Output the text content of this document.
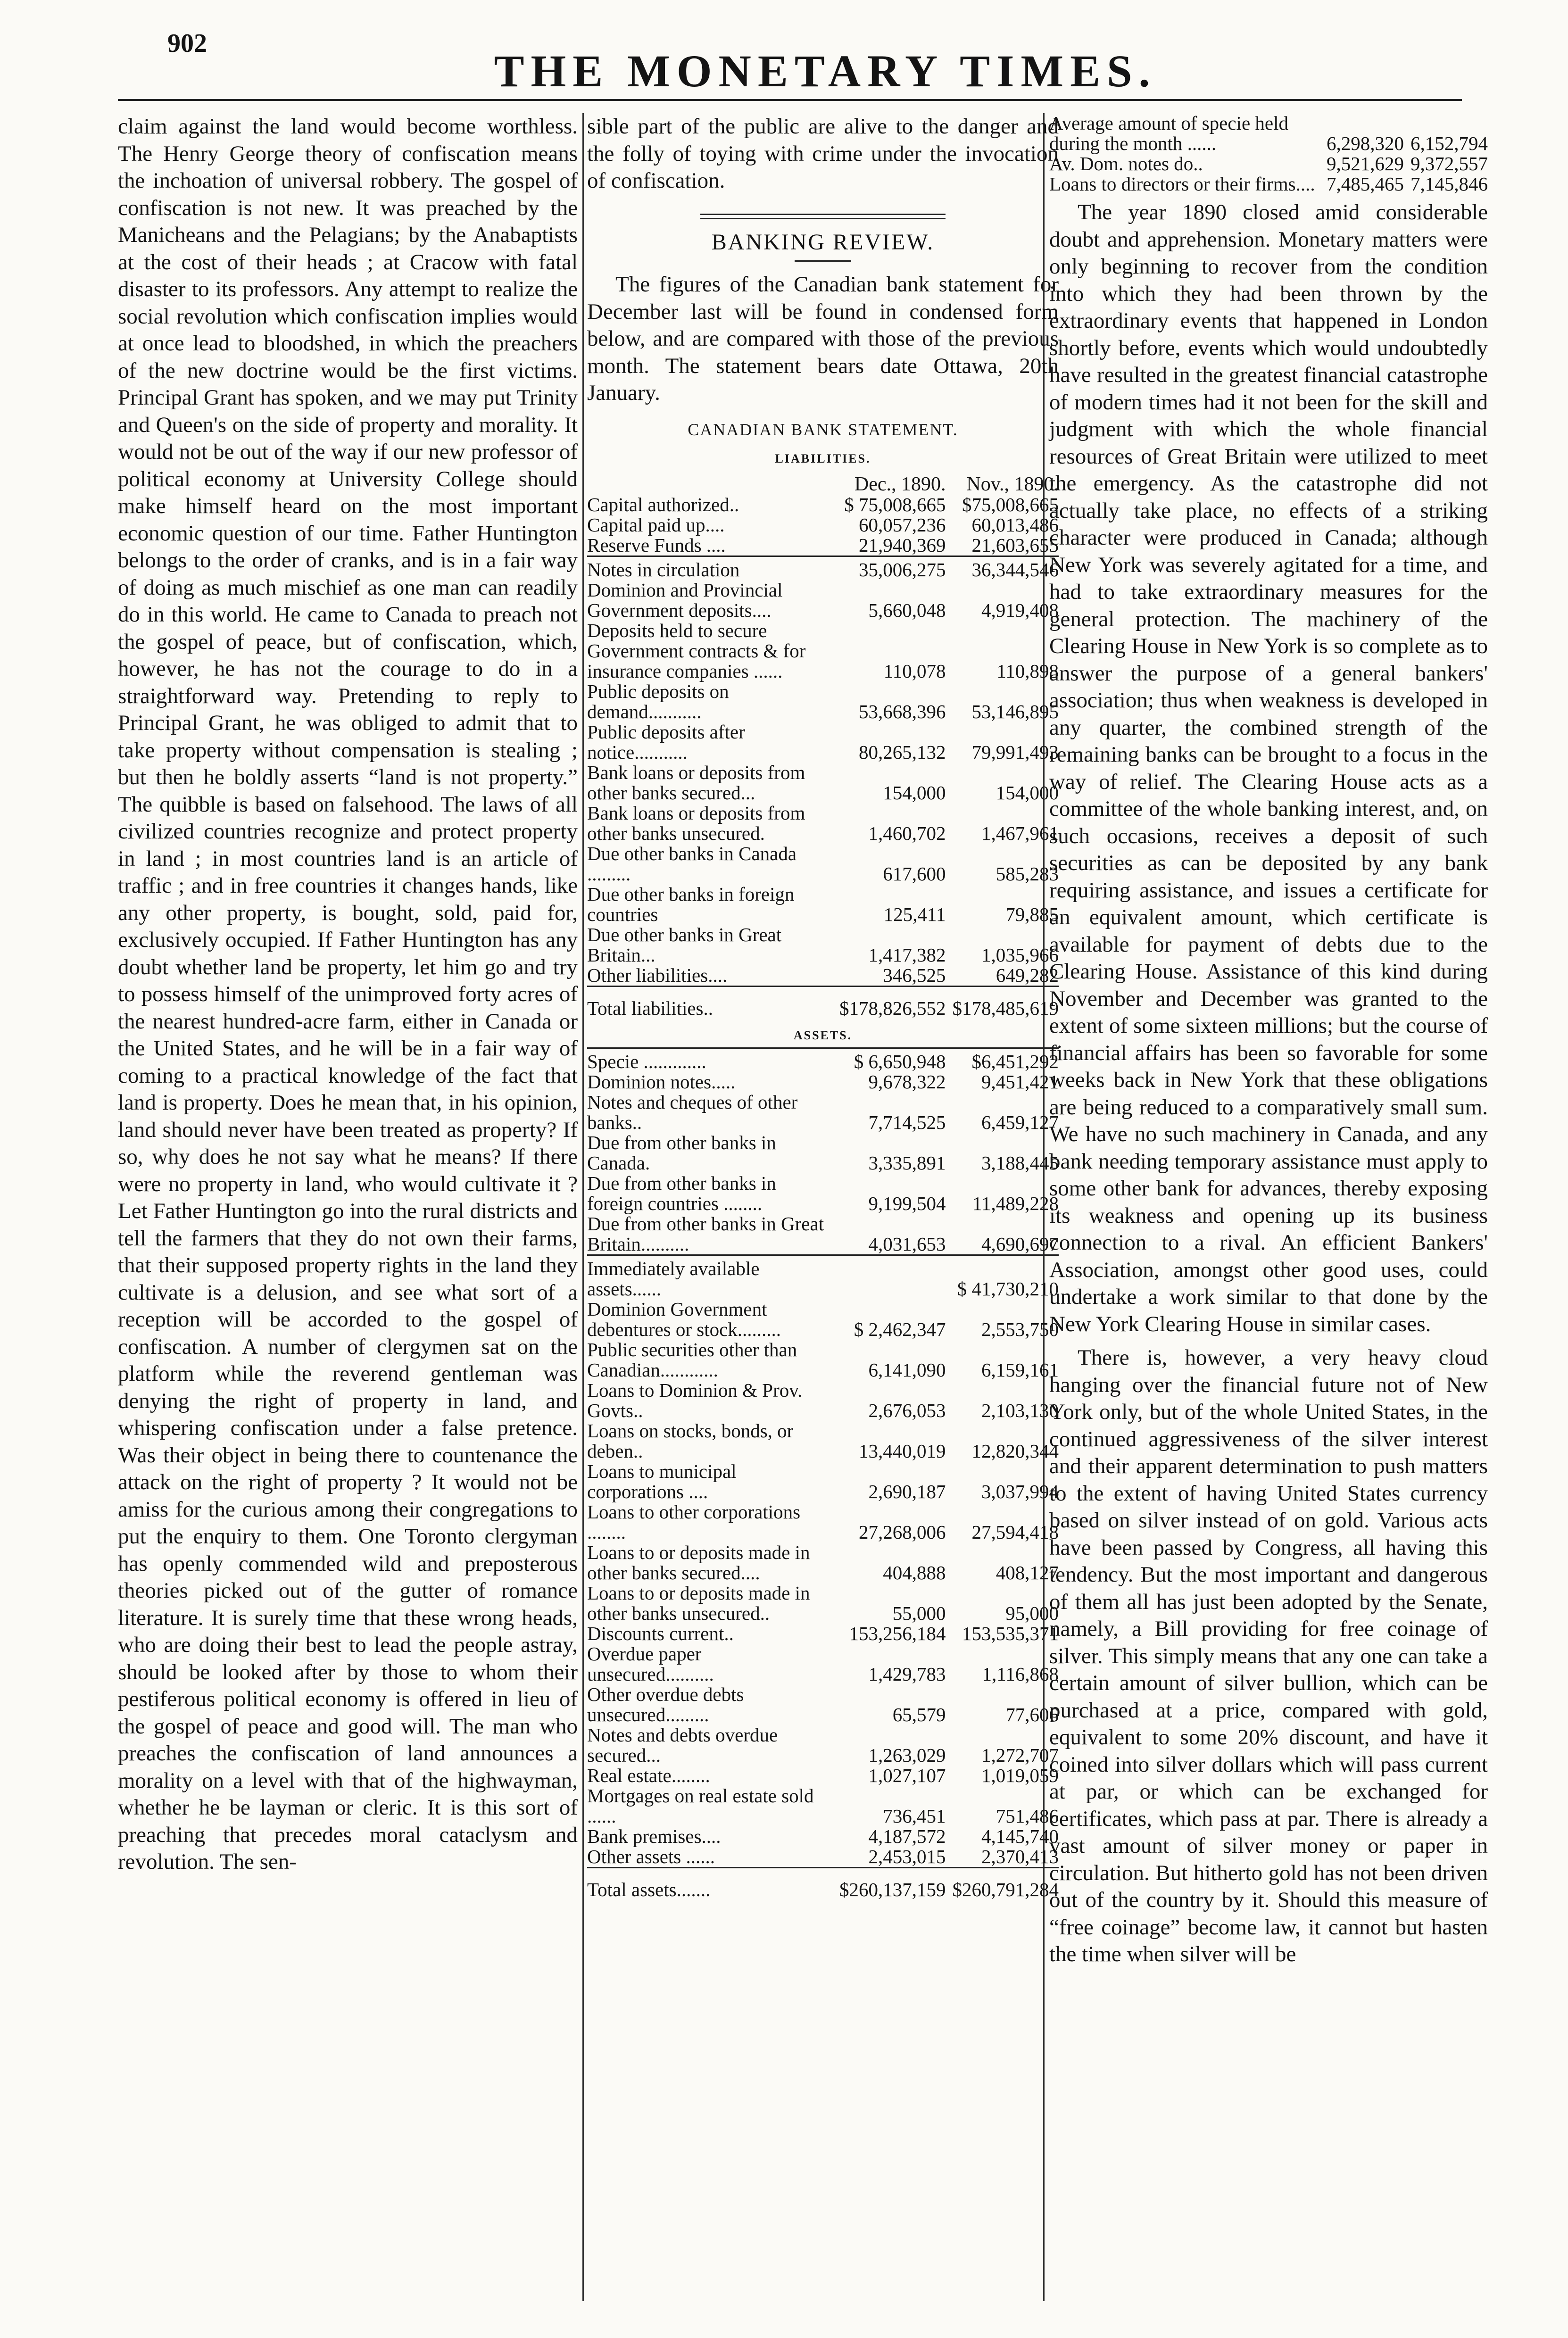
902
THE MONETARY TIMES.

claim against the land would become worthless. The Henry George theory of confiscation means the inchoation of universal robbery. The gospel of confiscation is not new. It was preached by the Manicheans and the Pelagians; by the Anabaptists at the cost of their heads ; at Cracow with fatal disaster to its professors. Any attempt to realize the social revolution which confiscation implies would at once lead to bloodshed, in which the preachers of the new doctrine would be the first victims. Principal Grant has spoken, and we may put Trinity and Queen's on the side of property and morality. It would not be out of the way if our new professor of political economy at University College should make himself heard on the most important economic question of our time. Father Huntington belongs to the order of cranks, and is in a fair way of doing as much mischief as one man can readily do in this world. He came to Canada to preach not the gospel of peace, but of confiscation, which, however, he has not the courage to do in a straightforward way. Pretending to reply to Principal Grant, he was obliged to admit that to take property without compensation is stealing ; but then he boldly asserts “land is not property.” The quibble is based on falsehood. The laws of all civilized countries recognize and protect property in land ; in most countries land is an article of traffic ; and in free countries it changes hands, like any other property, is bought, sold, paid for, exclusively occupied. If Father Huntington has any doubt whether land be property, let him go and try to possess himself of the unimproved forty acres of the nearest hundred-acre farm, either in Canada or the United States, and he will be in a fair way of coming to a practical knowledge of the fact that land is property. Does he mean that, in his opinion, land should never have been treated as property? If so, why does he not say what he means? If there were no property in land, who would cultivate it ? Let Father Huntington go into the rural districts and tell the farmers that they do not own their farms, that their supposed property rights in the land they cultivate is a delusion, and see what sort of a reception will be accorded to the gospel of confiscation. A number of clergymen sat on the platform while the reverend gentleman was denying the right of property in land, and whispering confiscation under a false pretence. Was their object in being there to countenance the attack on the right of property ? It would not be amiss for the curious among their congregations to put the enquiry to them. One Toronto clergyman has openly commended wild and preposterous theories picked out of the gutter of romance literature. It is surely time that these wrong heads, who are doing their best to lead the people astray, should be looked after by those to whom their pestiferous political economy is offered in lieu of the gospel of peace and good will. The man who preaches the confiscation of land announces a morality on a level with that of the highwayman, whether he be layman or cleric. It is this sort of preaching that precedes moral cataclysm and revolution. The sen-

sible part of the public are alive to the danger and the folly of toying with crime under the invocation of confiscation.

BANKING REVIEW.

The figures of the Canadian bank statement for December last will be found in condensed form below, and are compared with those of the previous month. The statement bears date Ottawa, 20th January.

CANADIAN BANK STATEMENT.
LIABILITIES.
	Dec., 1890.	Nov., 1890.
Capital authorized..	$ 75,008,665	$75,008,665
Capital paid up....	60,057,236	60,013,486
Reserve Funds ....	21,940,369	21,603,655
Notes in circulation	35,006,275	36,344,546
Dominion and Provincial Government deposits....	5,660,048	4,919,408
Deposits held to secure Government contracts & for insurance companies ......	110,078	110,898
Public deposits on demand...........	53,668,396	53,146,895
Public deposits after notice...........	80,265,132	79,991,493
Bank loans or deposits from other banks secured...	154,000	154,000
Bank loans or deposits from other banks unsecured.	1,460,702	1,467,961
Due other banks in Canada .........	617,600	585,283
Due other banks in foreign countries	125,411	79,885
Due other banks in Great Britain...	1,417,382	1,035,966
Other liabilities....	346,525	649,282
Total liabilities..	$178,826,552	$178,485,619

ASSETS.		

Specie .............	$ 6,650,948	$6,451,292
Dominion notes.....	9,678,322	9,451,421
Notes and cheques of other banks..	7,714,525	6,459,127
Due from other banks in Canada.	3,335,891	3,188,445
Due from other banks in foreign countries ........	9,199,504	11,489,228
Due from other banks in Great Britain..........	4,031,653	4,690,697
Immediately available assets......		$ 41,730,210
Dominion Government debentures or stock.........	$ 2,462,347	2,553,750
Public securities other than Canadian............	6,141,090	6,159,161
Loans to Dominion & Prov. Govts..	2,676,053	2,103,130
Loans on stocks, bonds, or deben..	13,440,019	12,820,344
Loans to municipal corporations ....	2,690,187	3,037,994
Loans to other corporations ........	27,268,006	27,594,418
Loans to or deposits made in other banks secured....	404,888	408,127
Loans to or deposits made in other banks unsecured..	55,000	95,000
Discounts current..	153,256,184	153,535,371
Overdue paper unsecured..........	1,429,783	1,116,868
Other overdue debts unsecured.........	65,579	77,606
Notes and debts overdue secured...	1,263,029	1,272,707
Real estate........	1,027,107	1,019,059
Mortgages on real estate sold ......	736,451	751,486
Bank premises....	4,187,572	4,145,740
Other assets ......	2,453,015	2,370,413
Total assets.......	$260,137,159	$260,791,284
Average amount of specie held during the month ......	6,298,320	6,152,794
Av. Dom. notes do..	9,521,629	9,372,557
Loans to directors or their firms....	7,485,465	7,145,846

The year 1890 closed amid considerable doubt and apprehension. Monetary matters were only beginning to recover from the condition into which they had been thrown by the extraordinary events that happened in London shortly before, events which would undoubtedly have resulted in the greatest financial catastrophe of modern times had it not been for the skill and judgment with which the whole financial resources of Great Britain were utilized to meet the emergency. As the catastrophe did not actually take place, no effects of a striking character were produced in Canada; although New York was severely agitated for a time, and had to take extraordinary measures for the general protection. The machinery of the Clearing House in New York is so complete as to answer the purpose of a general bankers' association; thus when weakness is developed in any quarter, the combined strength of the remaining banks can be brought to a focus in the way of relief. The Clearing House acts as a committee of the whole banking interest, and, on such occasions, receives a deposit of such securities as can be deposited by any bank requiring assistance, and issues a certificate for an equivalent amount, which certificate is available for payment of debts due to the Clearing House. Assistance of this kind during November and December was granted to the extent of some sixteen millions; but the course of financial affairs has been so favorable for some weeks back in New York that these obligations are being reduced to a comparatively small sum. We have no such machinery in Canada, and any bank needing temporary assistance must apply to some other bank for advances, thereby exposing its weakness and opening up its business connection to a rival. An efficient Bankers' Association, amongst other good uses, could undertake a work similar to that done by the New York Clearing House in similar cases.

There is, however, a very heavy cloud hanging over the financial future not of New York only, but of the whole United States, in the continued aggressiveness of the silver interest and their apparent determination to push matters to the extent of having United States currency based on silver instead of on gold. Various acts have been passed by Congress, all having this tendency. But the most important and dangerous of them all has just been adopted by the Senate, namely, a Bill providing for free coinage of silver. This simply means that any one can take a certain amount of silver bullion, which can be purchased at a price, compared with gold, equivalent to some 20% discount, and have it coined into silver dollars which will pass current at par, or which can be exchanged for certificates, which pass at par. There is already a vast amount of silver money or paper in circulation. But hitherto gold has not been driven out of the country by it. Should this measure of “free coinage” become law, it cannot but hasten the time when silver will be
